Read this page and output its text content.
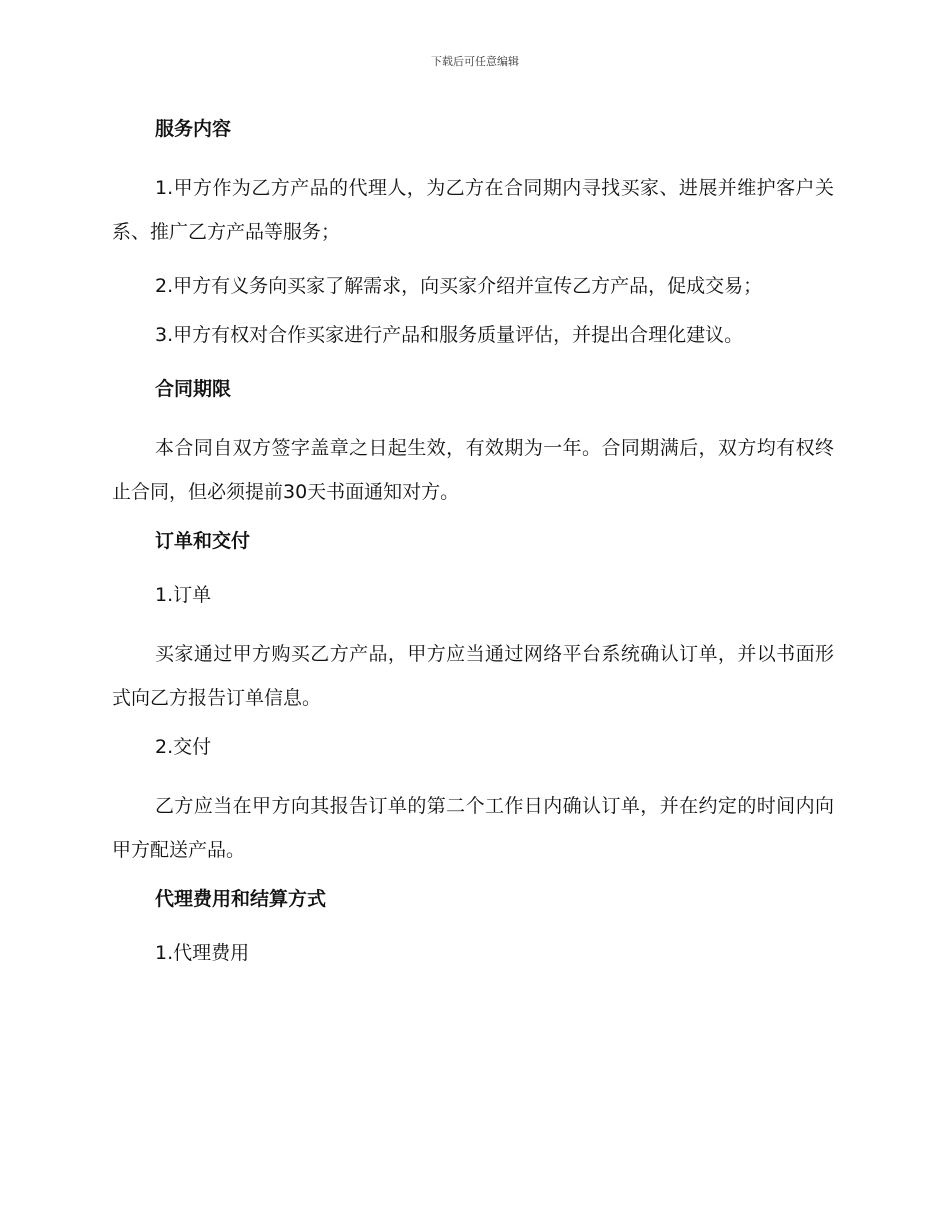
下载后可任意编辑
服务内容
1.甲方作为乙方产品的代理人，为乙方在合同期内寻找买家、进展并维护客户关系、推广乙方产品等服务；
2.甲方有义务向买家了解需求，向买家介绍并宣传乙方产品，促成交易；
3.甲方有权对合作买家进行产品和服务质量评估，并提出合理化建议。
合同期限
本合同自双方签字盖章之日起生效，有效期为一年。合同期满后，双方均有权终止合同，但必须提前30天书面通知对方。
订单和交付
1.订单
买家通过甲方购买乙方产品，甲方应当通过网络平台系统确认订单，并以书面形式向乙方报告订单信息。
2.交付
乙方应当在甲方向其报告订单的第二个工作日内确认订单，并在约定的时间内向甲方配送产品。
代理费用和结算方式
1.代理费用
